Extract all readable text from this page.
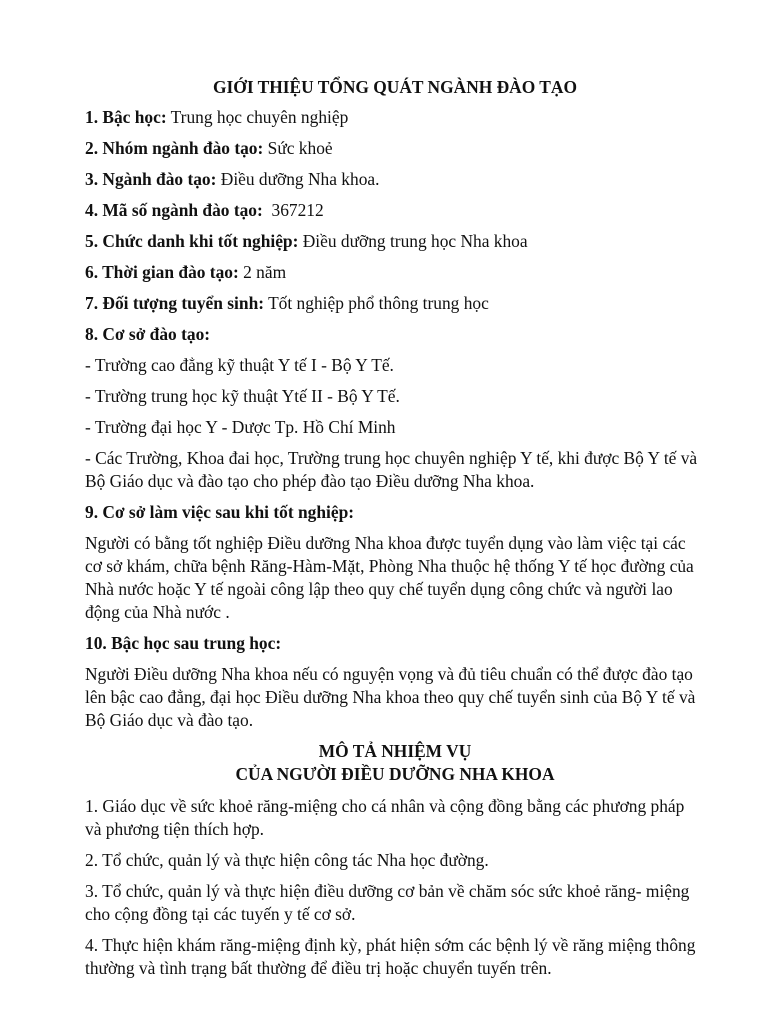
GIỚI THIỆU TỔNG QUÁT NGÀNH ĐÀO TẠO
1. Bậc học: Trung học chuyên nghiệp
2. Nhóm ngành đào tạo: Sức khoẻ
3. Ngành đào tạo: Điều dưỡng Nha khoa.
4. Mã số ngành đào tạo:  367212
5. Chức danh khi tốt nghiệp: Điều dưỡng trung học Nha khoa
6. Thời gian đào tạo: 2 năm
7. Đối tượng tuyển sinh: Tốt nghiệp phổ thông trung học
8. Cơ sở đào tạo:
- Trường cao đẳng kỹ thuật Y tế I - Bộ Y Tế.
- Trường trung học kỹ thuật Ytế II - Bộ Y Tế.
- Trường đại học Y - Dược Tp. Hồ Chí Minh
- Các Trường, Khoa đai học, Trường trung học chuyên nghiệp Y tế, khi được Bộ Y tế và Bộ Giáo dục và đào tạo cho phép đào tạo Điều dưỡng Nha khoa.
9. Cơ sở làm việc sau khi tốt nghiệp:
Người có bằng tốt nghiệp Điều dưỡng Nha khoa được tuyển dụng vào làm việc tại các cơ sở khám, chữa bệnh Răng-Hàm-Mặt, Phòng Nha thuộc hệ thống Y tế học đường của Nhà nước hoặc Y tế ngoài công lập theo quy chế tuyển dụng công chức và người lao động của Nhà nước .
10. Bậc học sau trung học:
Người Điều dưỡng Nha khoa nếu có nguyện vọng và đủ tiêu chuẩn có thể được đào tạo lên bậc cao đẳng, đại học Điều dưỡng Nha khoa theo quy chế tuyển sinh của Bộ Y tế và Bộ Giáo dục và đào tạo.
MÔ TẢ NHIỆM VỤ
CỦA NGƯỜI ĐIỀU DƯỠNG NHA KHOA
1. Giáo dục về sức khoẻ răng-miệng cho cá nhân và cộng đồng bằng các phương pháp và phương tiện thích hợp.
2. Tổ chức, quản lý và thực hiện công tác Nha học đường.
3. Tổ chức, quản lý và thực hiện điều dưỡng cơ bản về chăm sóc sức khoẻ răng- miệng cho cộng đồng tại các tuyến y tế cơ sở.
4. Thực hiện khám răng-miệng định kỳ, phát hiện sớm các bệnh lý về răng miệng thông thường và tình trạng bất thường để điều trị hoặc chuyển tuyến trên.
